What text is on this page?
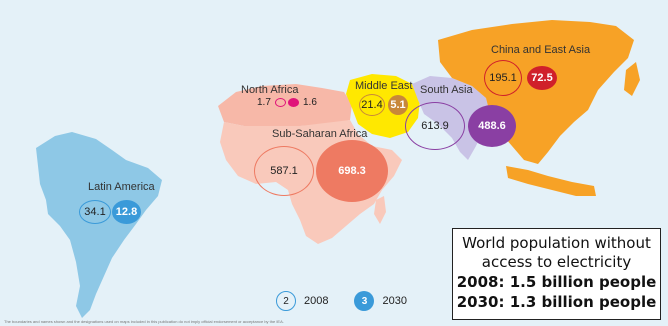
Latin America
34.1 12.8
North Africa
1.7	1.6
Sub-Saharan Africa
587.1	698.3
Middle East
21.4 5.1
South Asia
613.9	488.6
China and East Asia
195.1	72.5
World population without
access to electricity
2008: 1.5 billion people
2030: 1.3 billion people
2	2008	3	2030
The boundaries and names shown and the designations used on maps included in this publication do not imply official endorsement or acceptance by the IEA.
